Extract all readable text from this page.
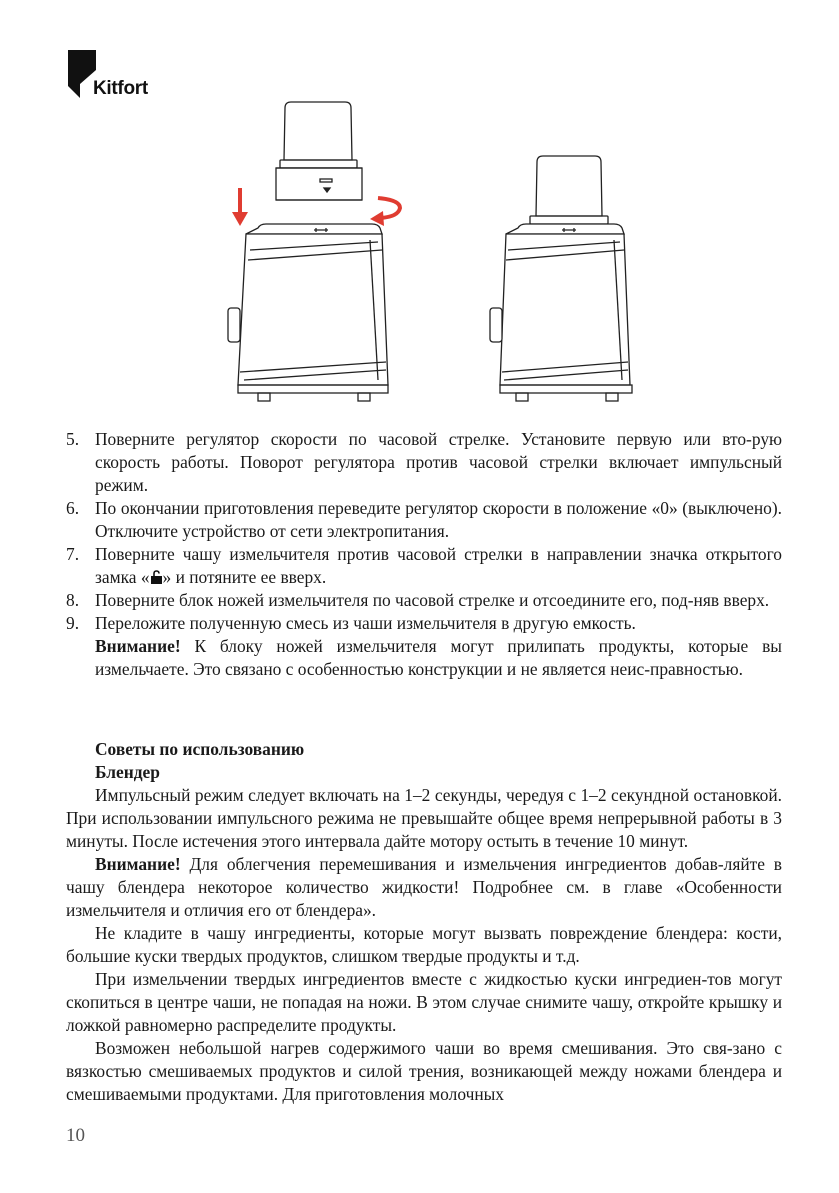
Kitfort
5. Поверните регулятор скорости по часовой стрелке. Установите первую или вто-рую скорость работы. Поворот регулятора против часовой стрелки включает импульсный режим.
6. По окончании приготовления переведите регулятор скорости в положение «0» (выключено). Отключите устройство от сети электропитания.
7. Поверните чашу измельчителя против часовой стрелки в направлении значка открытого замка « » и потяните ее вверх.
8. Поверните блок ножей измельчителя по часовой стрелке и отсоедините его, под-няв вверх.
9. Переложите полученную смесь из чаши измельчителя в другую емкость.
Внимание! К блоку ножей измельчителя могут прилипать продукты, которые вы измельчаете. Это связано с особенностью конструкции и не является неис-правностью.
Советы по использованию
Блендер

Импульсный режим следует включать на 1–2 секунды, чередуя с 1–2 секундной остановкой. При использовании импульсного режима не превышайте общее время непрерывной работы в 3 минуты. После истечения этого интервала дайте мотору остыть в течение 10 минут.

Внимание! Для облегчения перемешивания и измельчения ингредиентов добав-ляйте в чашу блендера некоторое количество жидкости! Подробнее см. в главе «Особенности измельчителя и отличия его от блендера».

Не кладите в чашу ингредиенты, которые могут вызвать повреждение блендера: кости, большие куски твердых продуктов, слишком твердые продукты и т.д.

При измельчении твердых ингредиентов вместе с жидкостью куски ингредиен-тов могут скопиться в центре чаши, не попадая на ножи. В этом случае снимите чашу, откройте крышку и ложкой равномерно распределите продукты.

Возможен небольшой нагрев содержимого чаши во время смешивания. Это свя-зано с вязкостью смешиваемых продуктов и силой трения, возникающей между ножами блендера и смешиваемыми продуктами. Для приготовления молочных

10
